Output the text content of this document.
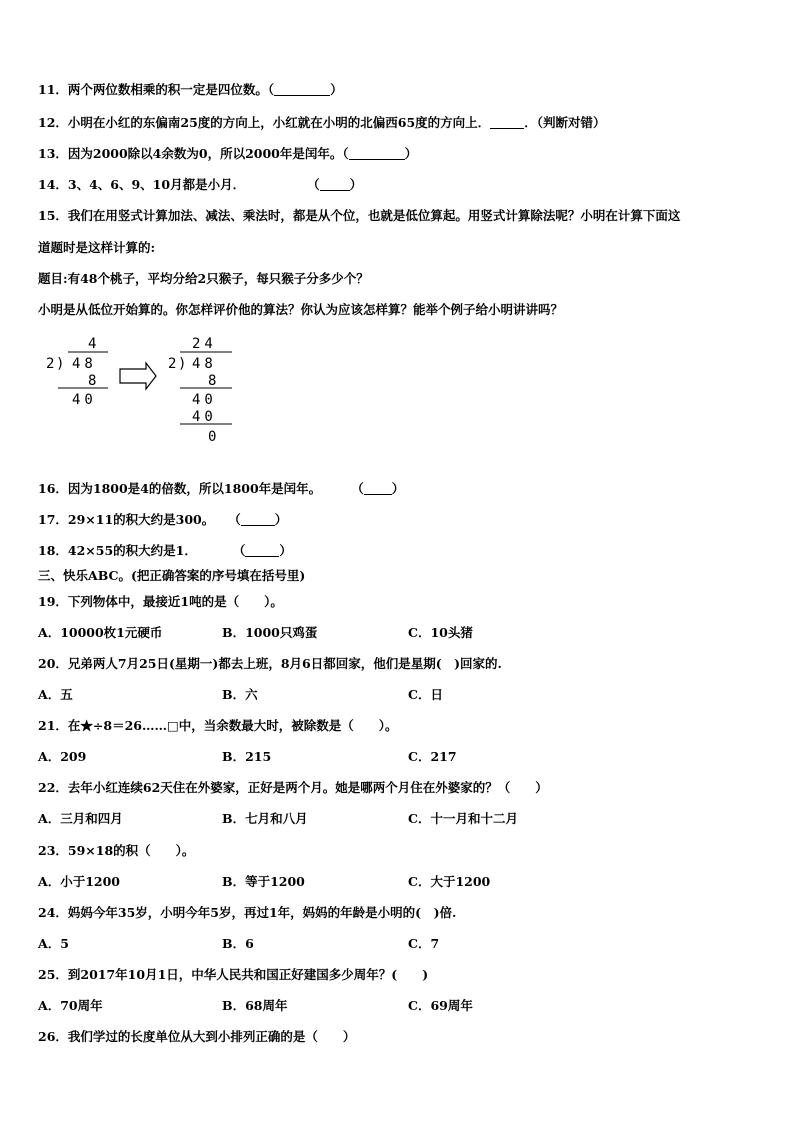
11．两个两位数相乘的积一定是四位数。（	）
12．小明在小红的东偏南25度的方向上，小红就在小明的北偏西65度的方向上．	．（判断对错）
13．因为2000除以4余数为0，所以2000年是闰年。（	）
14．3、4、6、9、10月都是小月．	（ ）
15．我们在用竖式计算加法、减法、乘法时，都是从个位，也就是低位算起。用竖式计算除法呢？小明在计算下面这
道题时是这样计算的:
题目:有48个桃子，平均分给2只猴子，每只猴子分多少个？
小明是从低位开始算的。你怎样评价他的算法？你认为应该怎样算？能举个例子给小明讲讲吗？
4
2 ) 48
8
40
24
2 ) 48
8
40
40
0
16．因为1800是4的倍数，所以1800年是闰年。 （ ）
17．29×11的积大约是300。 （	）
18．42×55的积大约是1．	（	）
三、快乐ABC。(把正确答案的序号填在括号里)
19．下列物体中，最接近1吨的是（　　）。
A．10000枚1元硬币	B．1000只鸡蛋	C．10头猪
20．兄弟两人7月25日(星期一)都去上班，8月6日都回家，他们是星期(　)回家的.
A．五	B．六	C．日
21．在★÷8＝26……□中，当余数最大时，被除数是（　　）。
A．209	B．215	C．217
22．去年小红连续62天住在外婆家，正好是两个月。她是哪两个月住在外婆家的？（　　）
A．三月和四月	B．七月和八月	C．十一月和十二月
23．59×18的积（　　）。
A．小于1200	B．等于1200	C．大于1200
24．妈妈今年35岁，小明今年5岁，再过1年，妈妈的年龄是小明的(　)倍.
A．5	B．6	C．7
25．到2017年10月1日，中华人民共和国正好建国多少周年？(　　)
A．70周年	B．68周年	C．69周年
26．我们学过的长度单位从大到小排列正确的是（　　）
